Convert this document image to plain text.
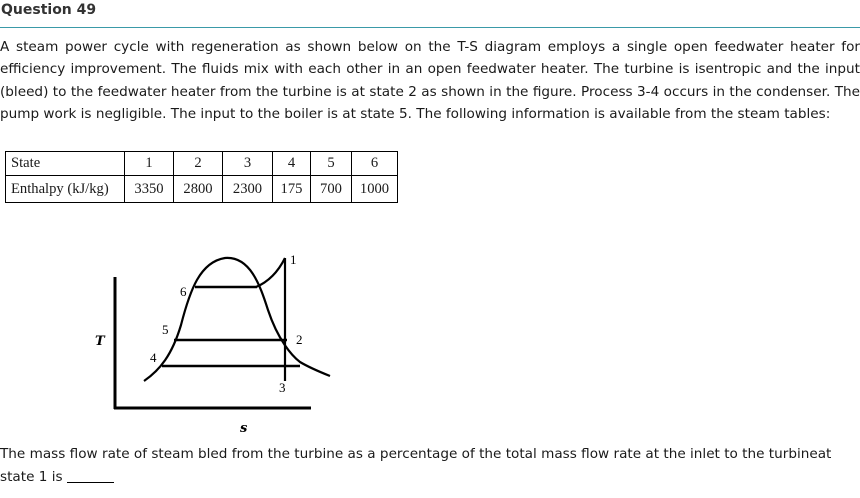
Question 49
A steam power cycle with regeneration as shown below on the T-S diagram employs a single open feedwater heater for efficiency improvement. The fluids mix with each other in an open feedwater heater. The turbine is isentropic and the input (bleed) to the feedwater heater from the turbine is at state 2 as shown in the figure. Process 3-4 occurs in the condenser. The pump work is negligible. The input to the boiler is at state 5. The following information is available from the steam tables:
State	1	2	3	4	5	6
Enthalpy (kJ/kg)	3350	2800	2300	175	700	1000
T
s
1
2
3
4
5
6
The mass flow rate of steam bled from the turbine as a percentage of the total mass flow rate at the inlet to the turbineat state 1 is
